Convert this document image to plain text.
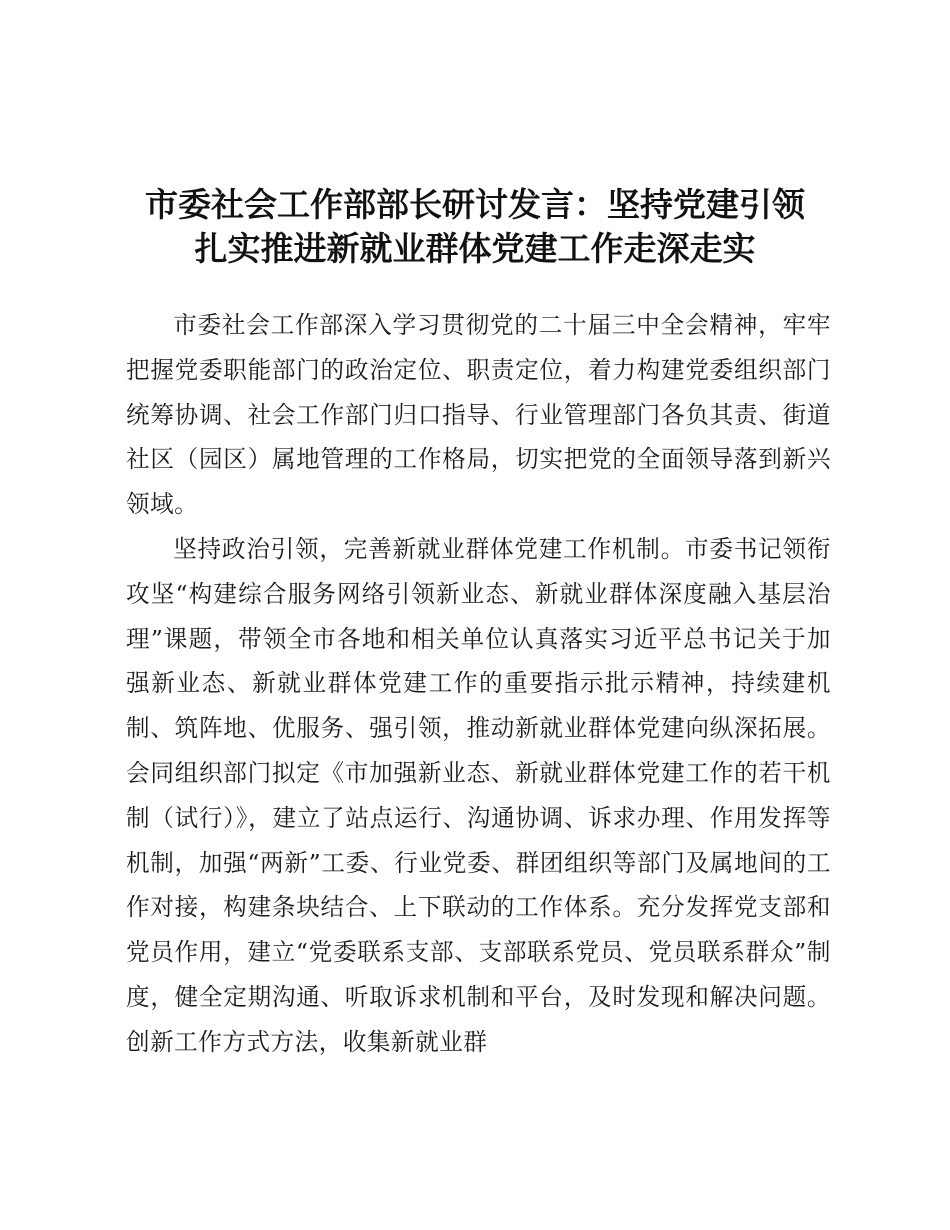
市委社会工作部部长研讨发言：坚持党建引领
扎实推进新就业群体党建工作走深走实

市委社会工作部深入学习贯彻党的二十届三中全会精神，牢牢把握党委职能部门的政治定位、职责定位，着力构建党委组织部门统筹协调、社会工作部门归口指导、行业管理部门各负其责、街道社区（园区）属地管理的工作格局，切实把党的全面领导落到新兴领域。

坚持政治引领，完善新就业群体党建工作机制。市委书记领衔攻坚“构建综合服务网络引领新业态、新就业群体深度融入基层治理”课题，带领全市各地和相关单位认真落实习近平总书记关于加强新业态、新就业群体党建工作的重要指示批示精神，持续建机制、筑阵地、优服务、强引领，推动新就业群体党建向纵深拓展。会同组织部门拟定《市加强新业态、新就业群体党建工作的若干机制（试行）》，建立了站点运行、沟通协调、诉求办理、作用发挥等机制，加强“两新”工委、行业党委、群团组织等部门及属地间的工作对接，构建条块结合、上下联动的工作体系。充分发挥党支部和党员作用，建立“党委联系支部、支部联系党员、党员联系群众”制度，健全定期沟通、听取诉求机制和平台，及时发现和解决问题。创新工作方式方法，收集新就业群
